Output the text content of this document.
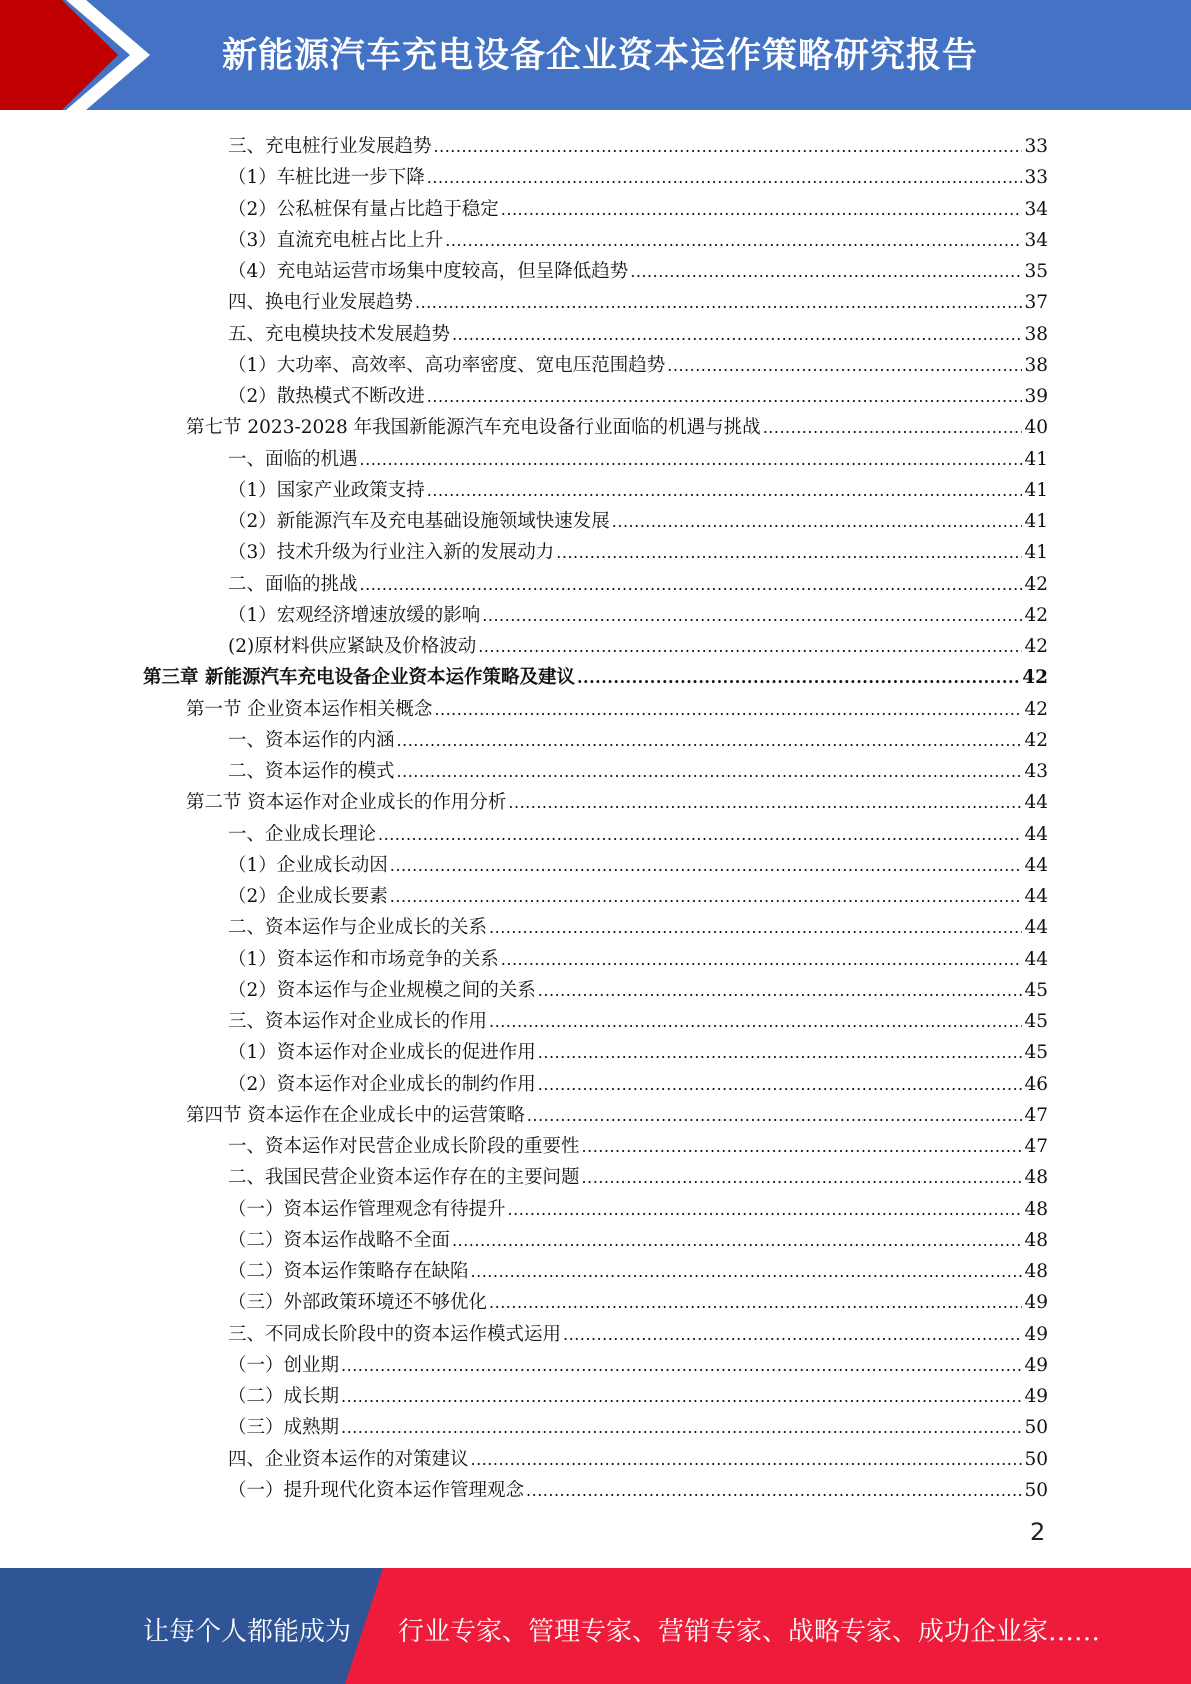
新能源汽车充电设备企业资本运作策略研究报告
三、充电桩行业发展趋势 .....	33
（1）车桩比进一步下降 .....	33
（2）公私桩保有量占比趋于稳定 .....	34
（3）直流充电桩占比上升 .....	34
（4）充电站运营市场集中度较高，但呈降低趋势 .....	35
四、换电行业发展趋势 .....	37
五、充电模块技术发展趋势 .....	38
（1）大功率、高效率、高功率密度、宽电压范围趋势 .....	38
（2）散热模式不断改进 .....	39
第七节 2023-2028 年我国新能源汽车充电设备行业面临的机遇与挑战 .....	40
一、面临的机遇 .....	41
（1）国家产业政策支持 .....	41
（2）新能源汽车及充电基础设施领域快速发展 .....	41
（3）技术升级为行业注入新的发展动力 .....	41
二、面临的挑战 .....	42
（1）宏观经济增速放缓的影响 .....	42
(2)原材料供应紧缺及价格波动 .....	42
第三章 新能源汽车充电设备企业资本运作策略及建议 .....	42
第一节 企业资本运作相关概念 .....	42
一、资本运作的内涵 .....	42
二、资本运作的模式 .....	43
第二节 资本运作对企业成长的作用分析 .....	44
一、企业成长理论 .....	44
（1）企业成长动因 .....	44
（2）企业成长要素 .....	44
二、资本运作与企业成长的关系 .....	44
（1）资本运作和市场竞争的关系 .....	44
（2）资本运作与企业规模之间的关系 .....	45
三、资本运作对企业成长的作用 .....	45
（1）资本运作对企业成长的促进作用 .....	45
（2）资本运作对企业成长的制约作用 .....	46
第四节 资本运作在企业成长中的运营策略 .....	47
一、资本运作对民营企业成长阶段的重要性 .....	47
二、我国民营企业资本运作存在的主要问题 .....	48
（一）资本运作管理观念有待提升 .....	48
（二）资本运作战略不全面 .....	48
（二）资本运作策略存在缺陷 .....	48
（三）外部政策环境还不够优化 .....	49
三、不同成长阶段中的资本运作模式运用 .....	49
（一）创业期 .....	49
（二）成长期 .....	49
（三）成熟期 .....	50
四、企业资本运作的对策建议 .....	50
（一）提升现代化资本运作管理观念 .....	50
2
让每个人都能成为 行业专家、管理专家、营销专家、战略专家、成功企业家……
